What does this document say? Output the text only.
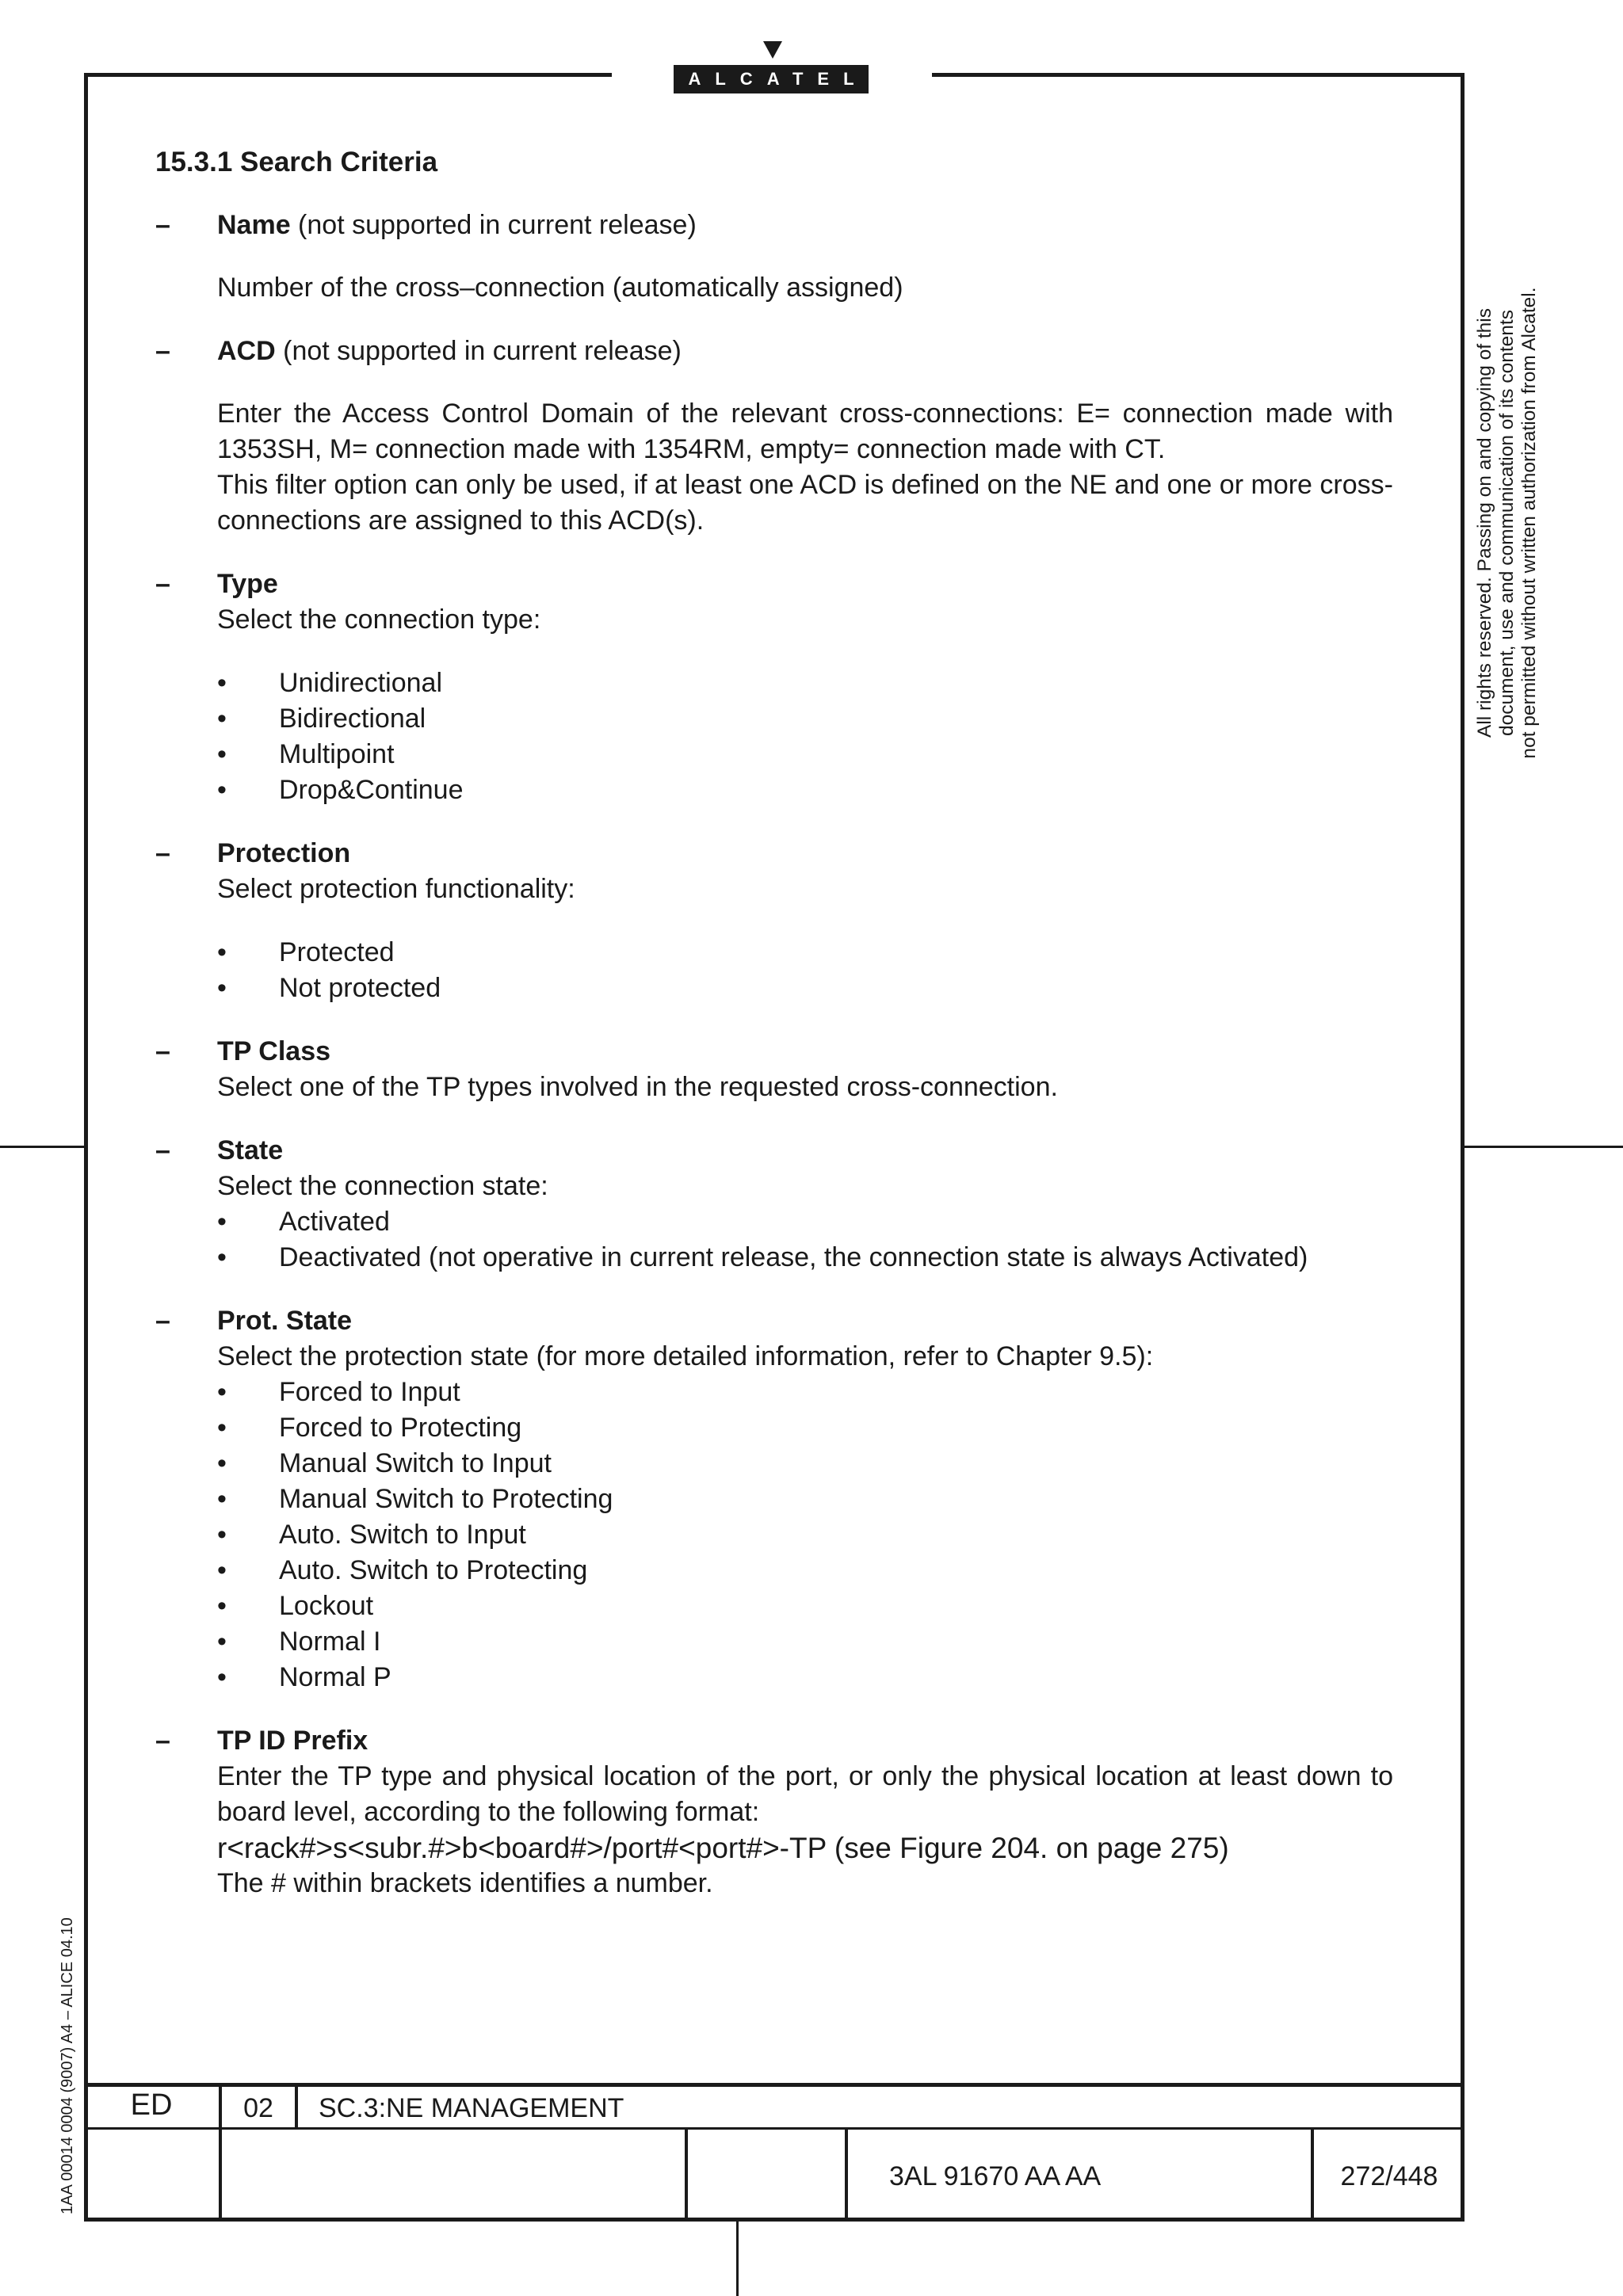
ALCATEL
All rights reserved. Passing on and copying of this document, use and communication of its contents not permitted without written authorization from Alcatel.
1AA 00014 0004 (9007) A4 – ALICE 04.10
15.3.1 Search Criteria
– Name (not supported in current release)

Number of the cross–connection (automatically assigned)

– ACD (not supported in current release)

Enter the Access Control Domain of the relevant cross-connections: E= connection made with 1353SH, M= connection made with 1354RM, empty= connection made with CT.

This filter option can only be used, if at least one ACD is defined on the NE and one or more cross-connections are assigned to this ACD(s).

– Type

Select the connection type:

• Unidirectional
• Bidirectional
• Multipoint
• Drop&Continue
– Protection

Select protection functionality:

• Protected
• Not protected
– TP Class

Select one of the TP types involved in the requested cross-connection.

– State

Select the connection state:

• Activated
• Deactivated (not operative in current release, the connection state is always Activated)
– Prot. State

Select the protection state (for more detailed information, refer to Chapter 9.5):

• Forced to Input
• Forced to Protecting
• Manual Switch to Input
• Manual Switch to Protecting
• Auto. Switch to Input
• Auto. Switch to Protecting
• Lockout
• Normal I
• Normal P
– TP ID Prefix

Enter the TP type and physical location of the port, or only the physical location at least down to board level, according to the following format:

r<rack#>s<subr.#>b<board#>/port#<port#>-TP (see Figure 204. on page 275)

The # within brackets identifies a number.

ED	02	SC.3:NE MANAGEMENT
3AL 91670 AA AA	272/448
